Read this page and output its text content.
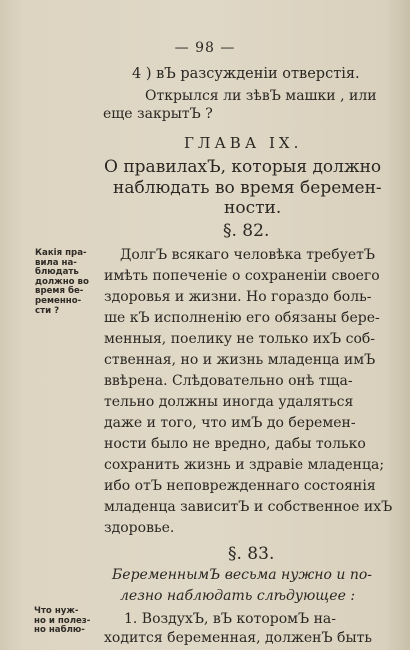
— 98 —
4 ) вЪ разсужденіи отверстія.
Открылся ли зѣвЪ машки , или
еще закрытЪ ?
ГЛАВА IX.
О правилахЪ, которыя должно
наблюдать во время беремен-
ности.
§. 82.
Какія пра-
вила на-
блюдать
должно во
время бе-
ременно-
сти ?
ДолгЪ всякаго человѣка требуетЪ
имѣть попеченіе о сохраненіи своего
здоровья и жизни. Но гораздо боль-
ше кЪ исполненію его обязаны бере-
менныя, поелику не только ихЪ соб-
ственная, но и жизнь младенца имЪ
ввѣрена. Слѣдовательно онѣ тща-
тельно должны иногда удаляться
даже и того, что имЪ до беремен-
ности было не вредно, дабы только
сохранить жизнь и здравіе младенца;
ибо отЪ неповрежденнаго состоянія
младенца зависитЪ и собственное ихЪ
здоровье.
§. 83.
БеременнымЪ весьма нужно и по-
лезно наблюдать слѣдующее :
Что нуж-
но и полез-
но наблю-
1. ВоздухЪ, вЪ которомЪ на-
ходится беременная, долженЪ быть
